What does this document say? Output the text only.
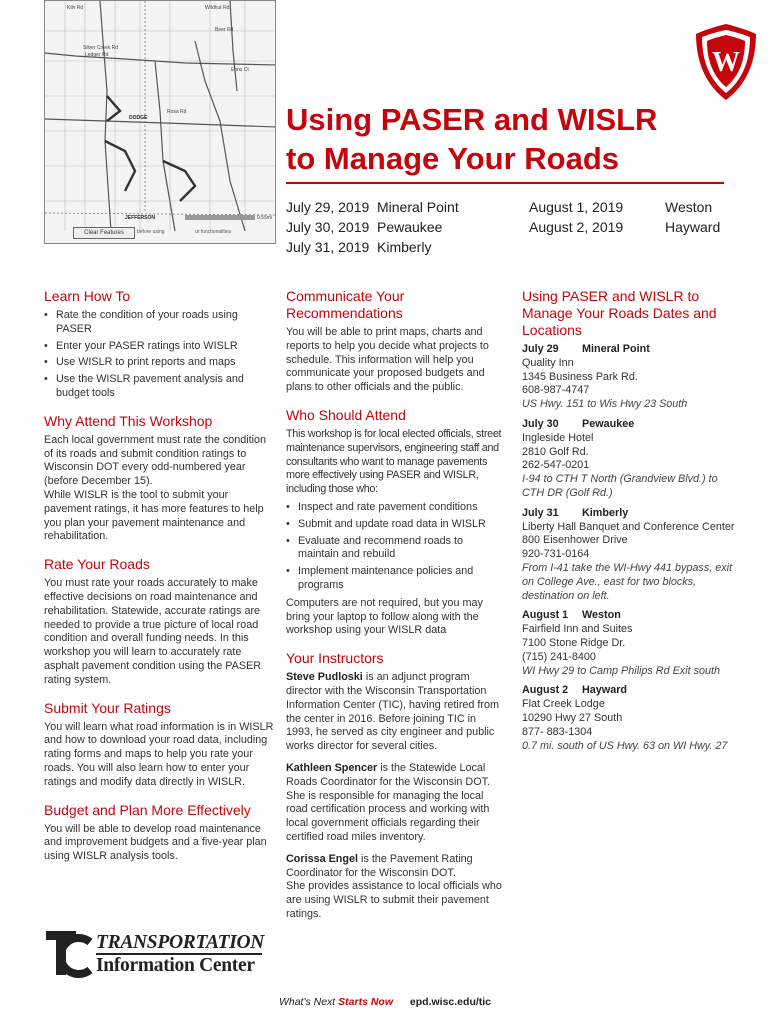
Kiln Rd	Wildhut Rd
Beer Rd
Silver Creek Rd
Ledger Rd
Enns Ct
DODGE
JEFFERSON
Rosa Rd
0.55mi
Clear Features	before using	ur functionalities
W
Using PASER and WISLR
to Manage Your Roads
July 29, 2019 Mineral Point
July 30, 2019 Pewaukee
July 31, 2019 Kimberly
August 1, 2019	Weston
August 2, 2019	Hayward
Learn How To
• Rate the condition of your roads using PASER
• Enter your PASER ratings into WISLR
• Use WISLR to print reports and maps
• Use the WISLR pavement analysis and budget tools
Why Attend This Workshop

Each local government must rate the condition of its roads and submit condition ratings to Wisconsin DOT every odd-numbered year (before December 15).

While WISLR is the tool to submit your pavement ratings, it has more features to help you plan your pavement maintenance and rehabilitation.

Rate Your Roads

You must rate your roads accurately to make effective decisions on road maintenance and rehabilitation. Statewide, accurate ratings are needed to provide a true picture of local road condition and overall funding needs. In this workshop you will learn to accurately rate asphalt pavement condition using the PASER rating system.

Submit Your Ratings

You will learn what road information is in WISLR and how to download your road data, including rating forms and maps to help you rate your roads. You will also learn how to enter your ratings and modify data directly in WISLR.

Budget and Plan More Effectively

You will be able to develop road maintenance and improvement budgets and a five-year plan using WISLR analysis tools.

Communicate Your Recommendations

You will be able to print maps, charts and reports to help you decide what projects to schedule. This information will help you communicate your proposed budgets and plans to other officials and the public.

Who Should Attend

This workshop is for local elected officials, street maintenance supervisors, engineering staff and consultants who want to manage pavements more effectively using PASER and WISLR, including those who:

• Inspect and rate pavement conditions
• Submit and update road data in WISLR
• Evaluate and recommend roads to maintain and rebuild
• Implement maintenance policies and programs

Computers are not required, but you may bring your laptop to follow along with the workshop using your WISLR data

Your Instructors

Steve Pudloski is an adjunct program director with the Wisconsin Transportation Information Center (TIC), having retired from the center in 2016. Before joining TIC in 1993, he served as city engineer and public works director for several cities.

Kathleen Spencer is the Statewide Local Roads Coordinator for the Wisconsin DOT. She is responsible for managing the local road certification process and working with local government officials regarding their certified road miles inventory.

Corissa Engel is the Pavement Rating Coordinator for the Wisconsin DOT.

She provides assistance to local officials who are using WISLR to submit their pavement ratings.

Using PASER and WISLR to Manage Your Roads Dates and Locations
July 29 Mineral Point
Quality Inn
1345 Business Park Rd.
608-987-4747
US Hwy. 151 to Wis Hwy 23 South
July 30 Pewaukee
Ingleside Hotel
2810 Golf Rd.
262-547-0201
I-94 to CTH T North (Grandview Blvd.) to CTH DR (Golf Rd.)
July 31 Kimberly
Liberty Hall Banquet and Conference Center
800 Eisenhower Drive
920-731-0164
From I-41 take the WI-Hwy 441 bypass, exit on College Ave., east for two blocks, destination on left.
August 1 Weston
Fairfield Inn and Suites
7100 Stone Ridge Dr.
(715) 241-8400
WI Hwy 29 to Camp Philips Rd Exit south
August 2 Hayward
Flat Creek Lodge
10290 Hwy 27 South
877- 883-1304
0.7 mi. south of US Hwy. 63 on WI Hwy. 27
TRANSPORTATION
Information Center
What's Next Starts Now epd.wisc.edu/tic
